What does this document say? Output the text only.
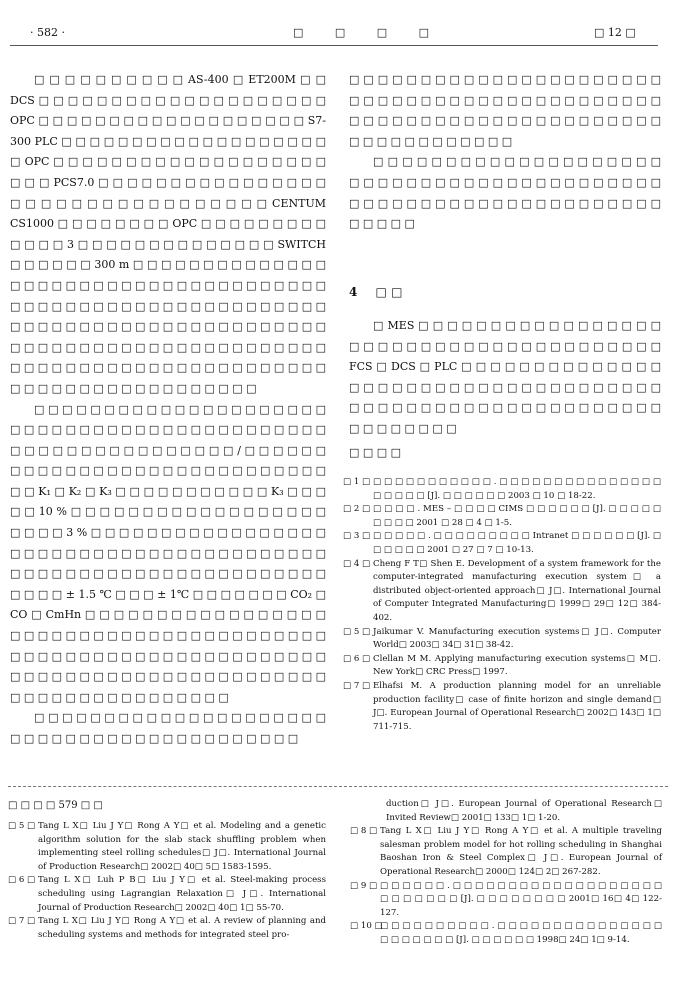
· 582 ·	□ □ □ □	□ 12 □

□ □ □ □ □ □ □ □ □ □ AS-400 □ ET200M □ □ DCS □ □ □ □ □ □ □ □ □ □ □ □ □ □ □ □ □ □ □ □ OPC □ □ □ □ □ □ □ □ □ □ □ □ □ □ □ □ □ □ □ S7-300 PLC □ □ □ □ □ □ □ □ □ □ □ □ □ □ □ □ □ □ □ □ OPC □ □ □ □ □ □ □ □ □ □ □ □ □ □ □ □ □ □ □ □ □ □ PCS7.0 □ □ □ □ □ □ □ □ □ □ □ □ □ □ □ □ □ □ □ □ □ □ □ □ □ □ □ □ □ □ □ □ □ CENTUM CS1000 □ □ □ □ □ □ □ □ OPC □ □ □ □ □ □ □ □ □ □ □ □ □ 3 □ □ □ □ □ □ □ □ □ □ □ □ □ □ SWITCH □ □ □ □ □ □ 300 m □ □ □ □ □ □ □ □ □ □ □ □ □ □ □ □ □ □ □ □ □ □ □ □ □ □ □ □ □ □ □ □ □ □ □ □ □ □ □ □ □ □ □ □ □ □ □ □ □ □ □ □ □ □ □ □ □ □ □ □ □ □ □ □ □ □ □ □ □ □ □ □ □ □ □ □ □ □ □ □ □ □ □ □ □ □ □ □ □ □ □ □ □ □ □ □ □ □ □ □ □ □ □ □ □ □ □ □ □ □ □ □ □ □ □ □ □ □ □ □ □ □ □ □ □ □ □ □ □ □ □ □ □ □ □ □ □ □ □ □ □ □ □ □ □ □ □

□ □ □ □ □ □ □ □ □ □ □ □ □ □ □ □ □ □ □ □ □ □ □ □ □ □ □ □ □ □ □ □ □ □ □ □ □ □ □ □ □ □ □ □ □ □ □ □ □ □ □ □ □ □ □ □ □ □ □ □ / □ □ □ □ □ □ □ □ □ □ □ □ □ □ □ □ □ □ □ □ □ □ □ □ □ □ □ □ □ □ □ K₁ □ K₂ □ K₃ □ □ □ □ □ □ □ □ □ □ □ K₃ □ □ □ □ □ 10 % □ □ □ □ □ □ □ □ □ □ □ □ □ □ □ □ □ □ □ □ □ □ 3 % □ □ □ □ □ □ □ □ □ □ □ □ □ □ □ □ □ □ □ □ □ □ □ □ □ □ □ □ □ □ □ □ □ □ □ □ □ □ □ □ □ □ □ □ □ □ □ □ □ □ □ □ □ □ □ □ □ □ □ □ □ □ □ □ □ □ □ ± 1.5 ℃ □ □ □ ± 1℃ □ □ □ □ □ □ □ CO₂ □ CO □ CmHn □ □ □ □ □ □ □ □ □ □ □ □ □ □ □ □ □ □ □ □ □ □ □ □ □ □ □ □ □ □ □ □ □ □ □ □ □ □ □ □ □ □ □ □ □ □ □ □ □ □ □ □ □ □ □ □ □ □ □ □ □ □ □ □ □ □ □ □ □ □ □ □ □ □ □ □ □ □ □ □ □ □ □ □ □ □ □ □ □ □ □ □ □ □ □ □ □ □ □ □ □ □

□ □ □ □ □ □ □ □ □ □ □ □ □ □ □ □ □ □ □ □ □ □ □ □ □ □ □ □ □ □ □ □ □ □ □ □ □ □ □ □ □ □

□ □ □ □ □ □ □ □ □ □ □ □ □ □ □ □ □ □ □ □ □ □ □ □ □ □ □ □ □ □ □ □ □ □ □ □ □ □ □ □ □ □ □ □ □ □ □ □ □ □ □ □ □ □ □ □ □ □ □ □ □ □ □ □ □ □ □ □ □ □ □ □ □ □ □ □ □ □

□ □ □ □ □ □ □ □ □ □ □ □ □ □ □ □ □ □ □ □ □ □ □ □ □ □ □ □ □ □ □ □ □ □ □ □ □ □ □ □ □ □ □ □ □ □ □ □ □ □ □ □ □ □ □ □ □ □ □ □ □ □ □ □ □ □ □ □ □

4 □ □

□ MES □ □ □ □ □ □ □ □ □ □ □ □ □ □ □ □ □ □ □ □ □ □ □ □ □ □ □ □ □ □ □ □ □ □ □ □ □ □ □ FCS □ DCS □ PLC □ □ □ □ □ □ □ □ □ □ □ □ □ □ □ □ □ □ □ □ □ □ □ □ □ □ □ □ □ □ □ □ □ □ □ □ □ □ □ □ □ □ □ □ □ □ □ □ □ □ □ □ □ □ □ □ □ □ □ □ □ □ □ □ □ □

□ □ □ □
□ 1 □ □ □ □ □ □ □ □ □ □ □ □ . □ □ □ □ □ □ □ □ □ □ □ □ □ □ □ □ □ □ □ □ [J]. □ □ □ □ □ □ 2003 □ 10 □ 18-22.
□ 2 □ □ □ □ □ . MES – □ □ □ □ CIMS □ □ □ □ □ □ [J]. □ □ □ □ □ □ □ □ □ 2001 □ 28 □ 4 □ 1-5.
□ 3 □ □ □ □ □ □ . □ □ □ □ □ □ □ □ □ Intranet □ □ □ □ □ □ [J]. □ □ □ □ □ □ 2001 □ 27 □ 7 □ 10-13.
□ 4 □ Cheng F T□ Shen E. Development of a system framework for the computer-integrated manufacturing execution system□ a distributed object-oriented approach□ J□. International Journal of Computer Integrated Manufacturing□ 1999□ 29□ 12□ 384-402.
□ 5 □ Jaikumar V. Manufacturing execution systems□ J□. Computer World□ 2003□ 34□ 31□ 38-42.
□ 6 □ Clellan M M. Applying manufacturing execution systems□ M□. New York□ CRC Press□ 1997.
□ 7 □ Elhafsi M. A production planning model for an unreliable production facility□ case of finite horizon and single demand□ J□. European Journal of Operational Research□ 2002□ 143□ 1□ 711-715.
□ □ □ □ 579 □ □
□ 5 □ Tang L X□ Liu J Y□ Rong A Y□ et al. Modeling and a genetic algorithm solution for the slab stack shuffling problem when implementing steel rolling schedules□ J□. International Journal of Production Research□ 2002□ 40□ 5□ 1583-1595.
□ 6 □ Tang L X□ Luh P B□ Liu J Y□ et al. Steel-making process scheduling using Lagrangian Relaxation□ J□. International Journal of Production Research□ 2002□ 40□ 1□ 55-70.
□ 7 □ Tang L X□ Liu J Y□ Rong A Y□ et al. A review of planning and scheduling systems and methods for integrated steel pro-
duction□ J□. European Journal of Operational Research□ Invited Review□ 2001□ 133□ 1□ 1-20.
□ 8 □ Tang L X□ Liu J Y□ Rong A Y□ et al. A multiple traveling salesman problem model for hot rolling scheduling in Shanghai Baoshan Iron & Steel Complex□ J□. European Journal of Operational Research□ 2000□ 124□ 2□ 267-282.
□ 9 □ □ □ □ □ □ □ . □ □ □ □ □ □ □ □ □ □ □ □ □ □ □ □ □ □ □ □ □ □ □ □ □ □ [J]. □ □ □ □ □ □ □ □ 2001□ 16□ 4□ 122-127.
□ 10 □
□ □ □ □ □ □ □ □ □ □ . □ □ □ □ □ □ □ □ □ □ □ □ □ □ □ □ □ □ □ □ □ □ [J]. □ □ □ □ □ □ 1998□ 24□ 1□ 9-14.
